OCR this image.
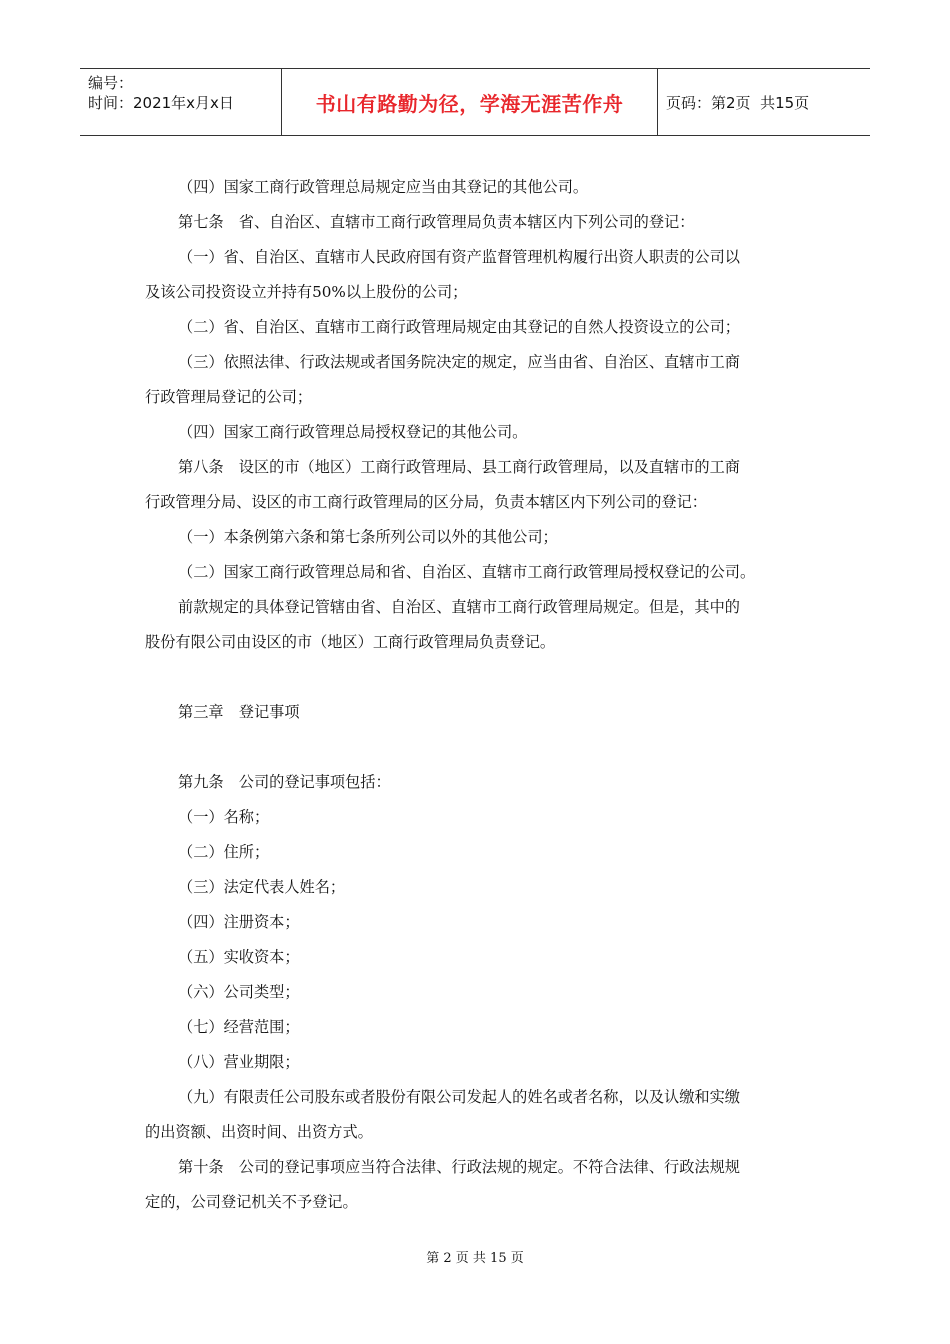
编号：
时间：2021年x月x日	书山有路勤为径，学海无涯苦作舟	页码：第2页  共15页
（四）国家工商行政管理总局规定应当由其登记的其他公司。
第七条　省、自治区、直辖市工商行政管理局负责本辖区内下列公司的登记：
（一）省、自治区、直辖市人民政府国有资产监督管理机构履行出资人职责的公司以
及该公司投资设立并持有50%以上股份的公司；
（二）省、自治区、直辖市工商行政管理局规定由其登记的自然人投资设立的公司；
（三）依照法律、行政法规或者国务院决定的规定，应当由省、自治区、直辖市工商
行政管理局登记的公司；
（四）国家工商行政管理总局授权登记的其他公司。
第八条　设区的市（地区）工商行政管理局、县工商行政管理局，以及直辖市的工商
行政管理分局、设区的市工商行政管理局的区分局，负责本辖区内下列公司的登记：
（一）本条例第六条和第七条所列公司以外的其他公司；
（二）国家工商行政管理总局和省、自治区、直辖市工商行政管理局授权登记的公司。
前款规定的具体登记管辖由省、自治区、直辖市工商行政管理局规定。但是，其中的
股份有限公司由设区的市（地区）工商行政管理局负责登记。
第三章　登记事项
第九条　公司的登记事项包括：
（一）名称；
（二）住所；
（三）法定代表人姓名；
（四）注册资本；
（五）实收资本；
（六）公司类型；
（七）经营范围；
（八）营业期限；
（九）有限责任公司股东或者股份有限公司发起人的姓名或者名称，以及认缴和实缴
的出资额、出资时间、出资方式。
第十条　公司的登记事项应当符合法律、行政法规的规定。不符合法律、行政法规规
定的，公司登记机关不予登记。
第 2 页 共 15 页
